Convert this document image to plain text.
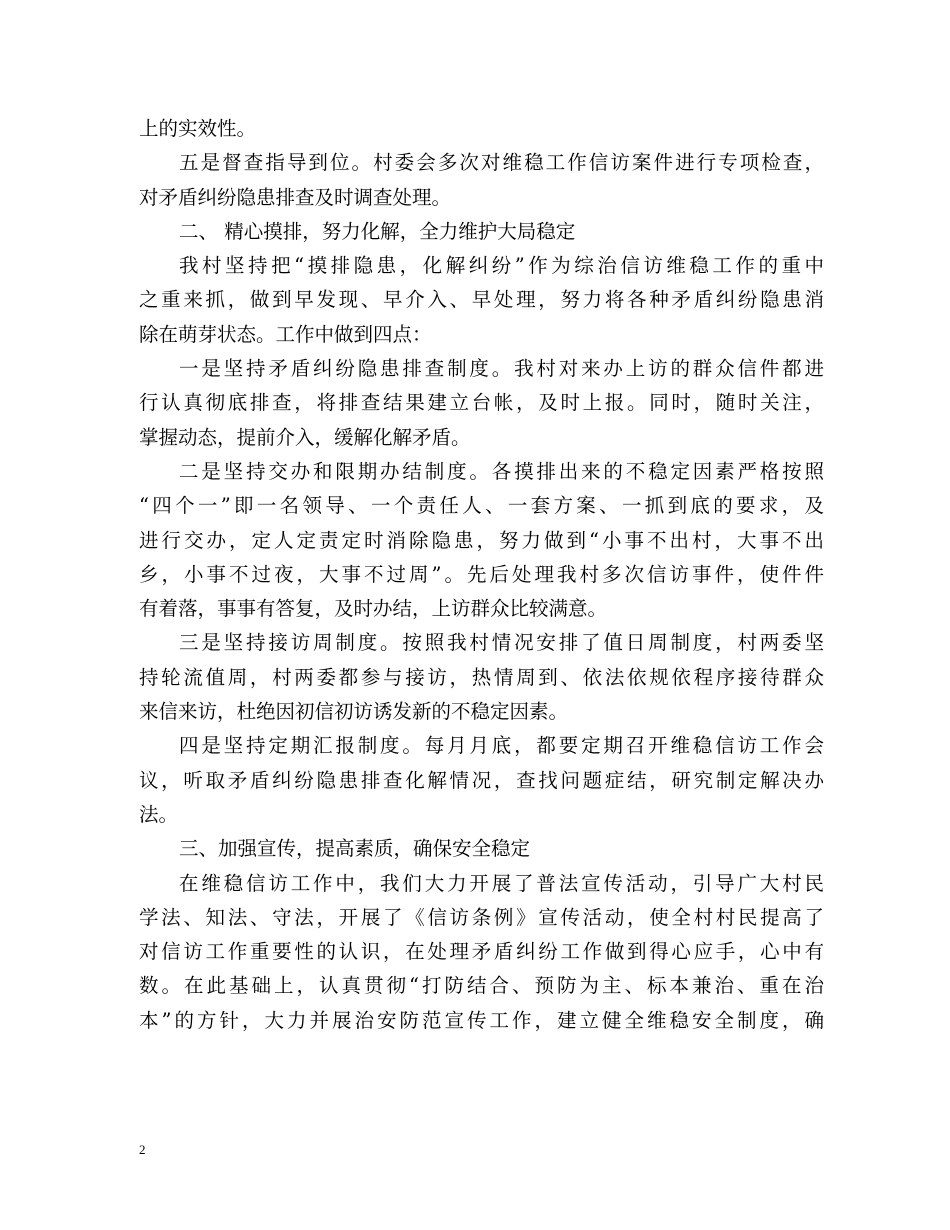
上的实效性。
五是督查指导到位。村委会多次对维稳工作信访案件进行专项检查，
对矛盾纠纷隐患排查及时调查处理。
二、 精心摸排，努力化解，全力维护大局稳定
我村坚持把“摸排隐患，化解纠纷”作为综治信访维稳工作的重中
之重来抓，做到早发现、早介入、早处理，努力将各种矛盾纠纷隐患消
除在萌芽状态。工作中做到四点：
一是坚持矛盾纠纷隐患排查制度。我村对来办上访的群众信件都进
行认真彻底排查，将排查结果建立台帐，及时上报。同时，随时关注，
掌握动态，提前介入，缓解化解矛盾。
二是坚持交办和限期办结制度。各摸排出来的不稳定因素严格按照
“四个一”即一名领导、一个责任人、一套方案、一抓到底的要求，及
进行交办，定人定责定时消除隐患，努力做到“小事不出村，大事不出
乡，小事不过夜，大事不过周”。先后处理我村多次信访事件，使件件
有着落，事事有答复，及时办结，上访群众比较满意。
三是坚持接访周制度。按照我村情况安排了值日周制度，村两委坚
持轮流值周，村两委都参与接访，热情周到、依法依规依程序接待群众
来信来访，杜绝因初信初访诱发新的不稳定因素。
四是坚持定期汇报制度。每月月底，都要定期召开维稳信访工作会
议，听取矛盾纠纷隐患排查化解情况，查找问题症结，研究制定解决办
法。
三、加强宣传，提高素质，确保安全稳定
在维稳信访工作中，我们大力开展了普法宣传活动，引导广大村民
学法、知法、守法，开展了《信访条例》宣传活动，使全村村民提高了
对信访工作重要性的认识，在处理矛盾纠纷工作做到得心应手，心中有
数。在此基础上，认真贯彻“打防结合、预防为主、标本兼治、重在治
本”的方针，大力并展治安防范宣传工作，建立健全维稳安全制度，确
2
